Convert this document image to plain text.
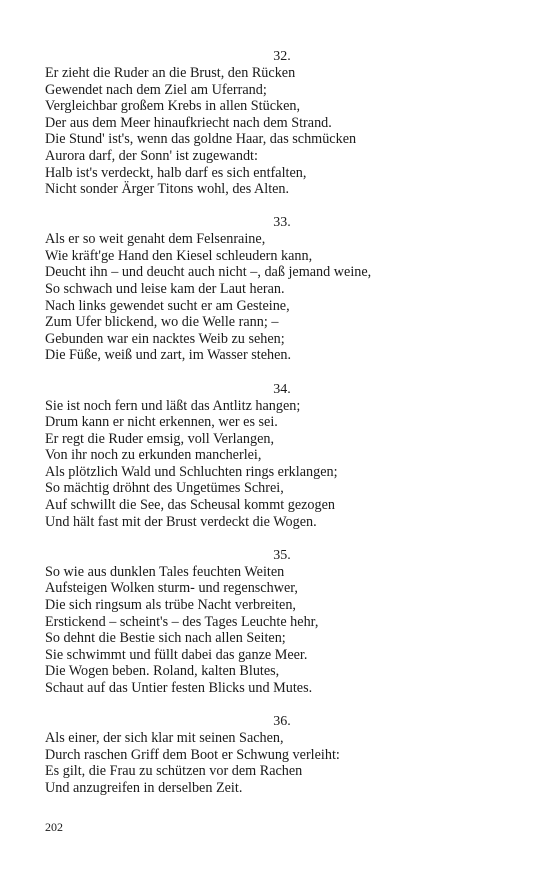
32.
Er zieht die Ruder an die Brust, den Rücken
Gewendet nach dem Ziel am Uferrand;
Vergleichbar großem Krebs in allen Stücken,
Der aus dem Meer hinaufkriecht nach dem Strand.
Die Stund' ist's, wenn das goldne Haar, das schmücken
Aurora darf, der Sonn' ist zugewandt:
Halb ist's verdeckt, halb darf es sich entfalten,
Nicht sonder Ärger Titons wohl, des Alten.
33.
Als er so weit genaht dem Felsenraine,
Wie kräft'ge Hand den Kiesel schleudern kann,
Deucht ihn – und deucht auch nicht –, daß jemand weine,
So schwach und leise kam der Laut heran.
Nach links gewendet sucht er am Gesteine,
Zum Ufer blickend, wo die Welle rann; –
Gebunden war ein nacktes Weib zu sehen;
Die Füße, weiß und zart, im Wasser stehen.
34.
Sie ist noch fern und läßt das Antlitz hangen;
Drum kann er nicht erkennen, wer es sei.
Er regt die Ruder emsig, voll Verlangen,
Von ihr noch zu erkunden mancherlei,
Als plötzlich Wald und Schluchten rings erklangen;
So mächtig dröhnt des Ungetümes Schrei,
Auf schwillt die See, das Scheusal kommt gezogen
Und hält fast mit der Brust verdeckt die Wogen.
35.
So wie aus dunklen Tales feuchten Weiten
Aufsteigen Wolken sturm- und regenschwer,
Die sich ringsum als trübe Nacht verbreiten,
Erstickend – scheint's – des Tages Leuchte hehr,
So dehnt die Bestie sich nach allen Seiten;
Sie schwimmt und füllt dabei das ganze Meer.
Die Wogen beben. Roland, kalten Blutes,
Schaut auf das Untier festen Blicks und Mutes.
36.
Als einer, der sich klar mit seinen Sachen,
Durch raschen Griff dem Boot er Schwung verleiht:
Es gilt, die Frau zu schützen vor dem Rachen
Und anzugreifen in derselben Zeit.
202
